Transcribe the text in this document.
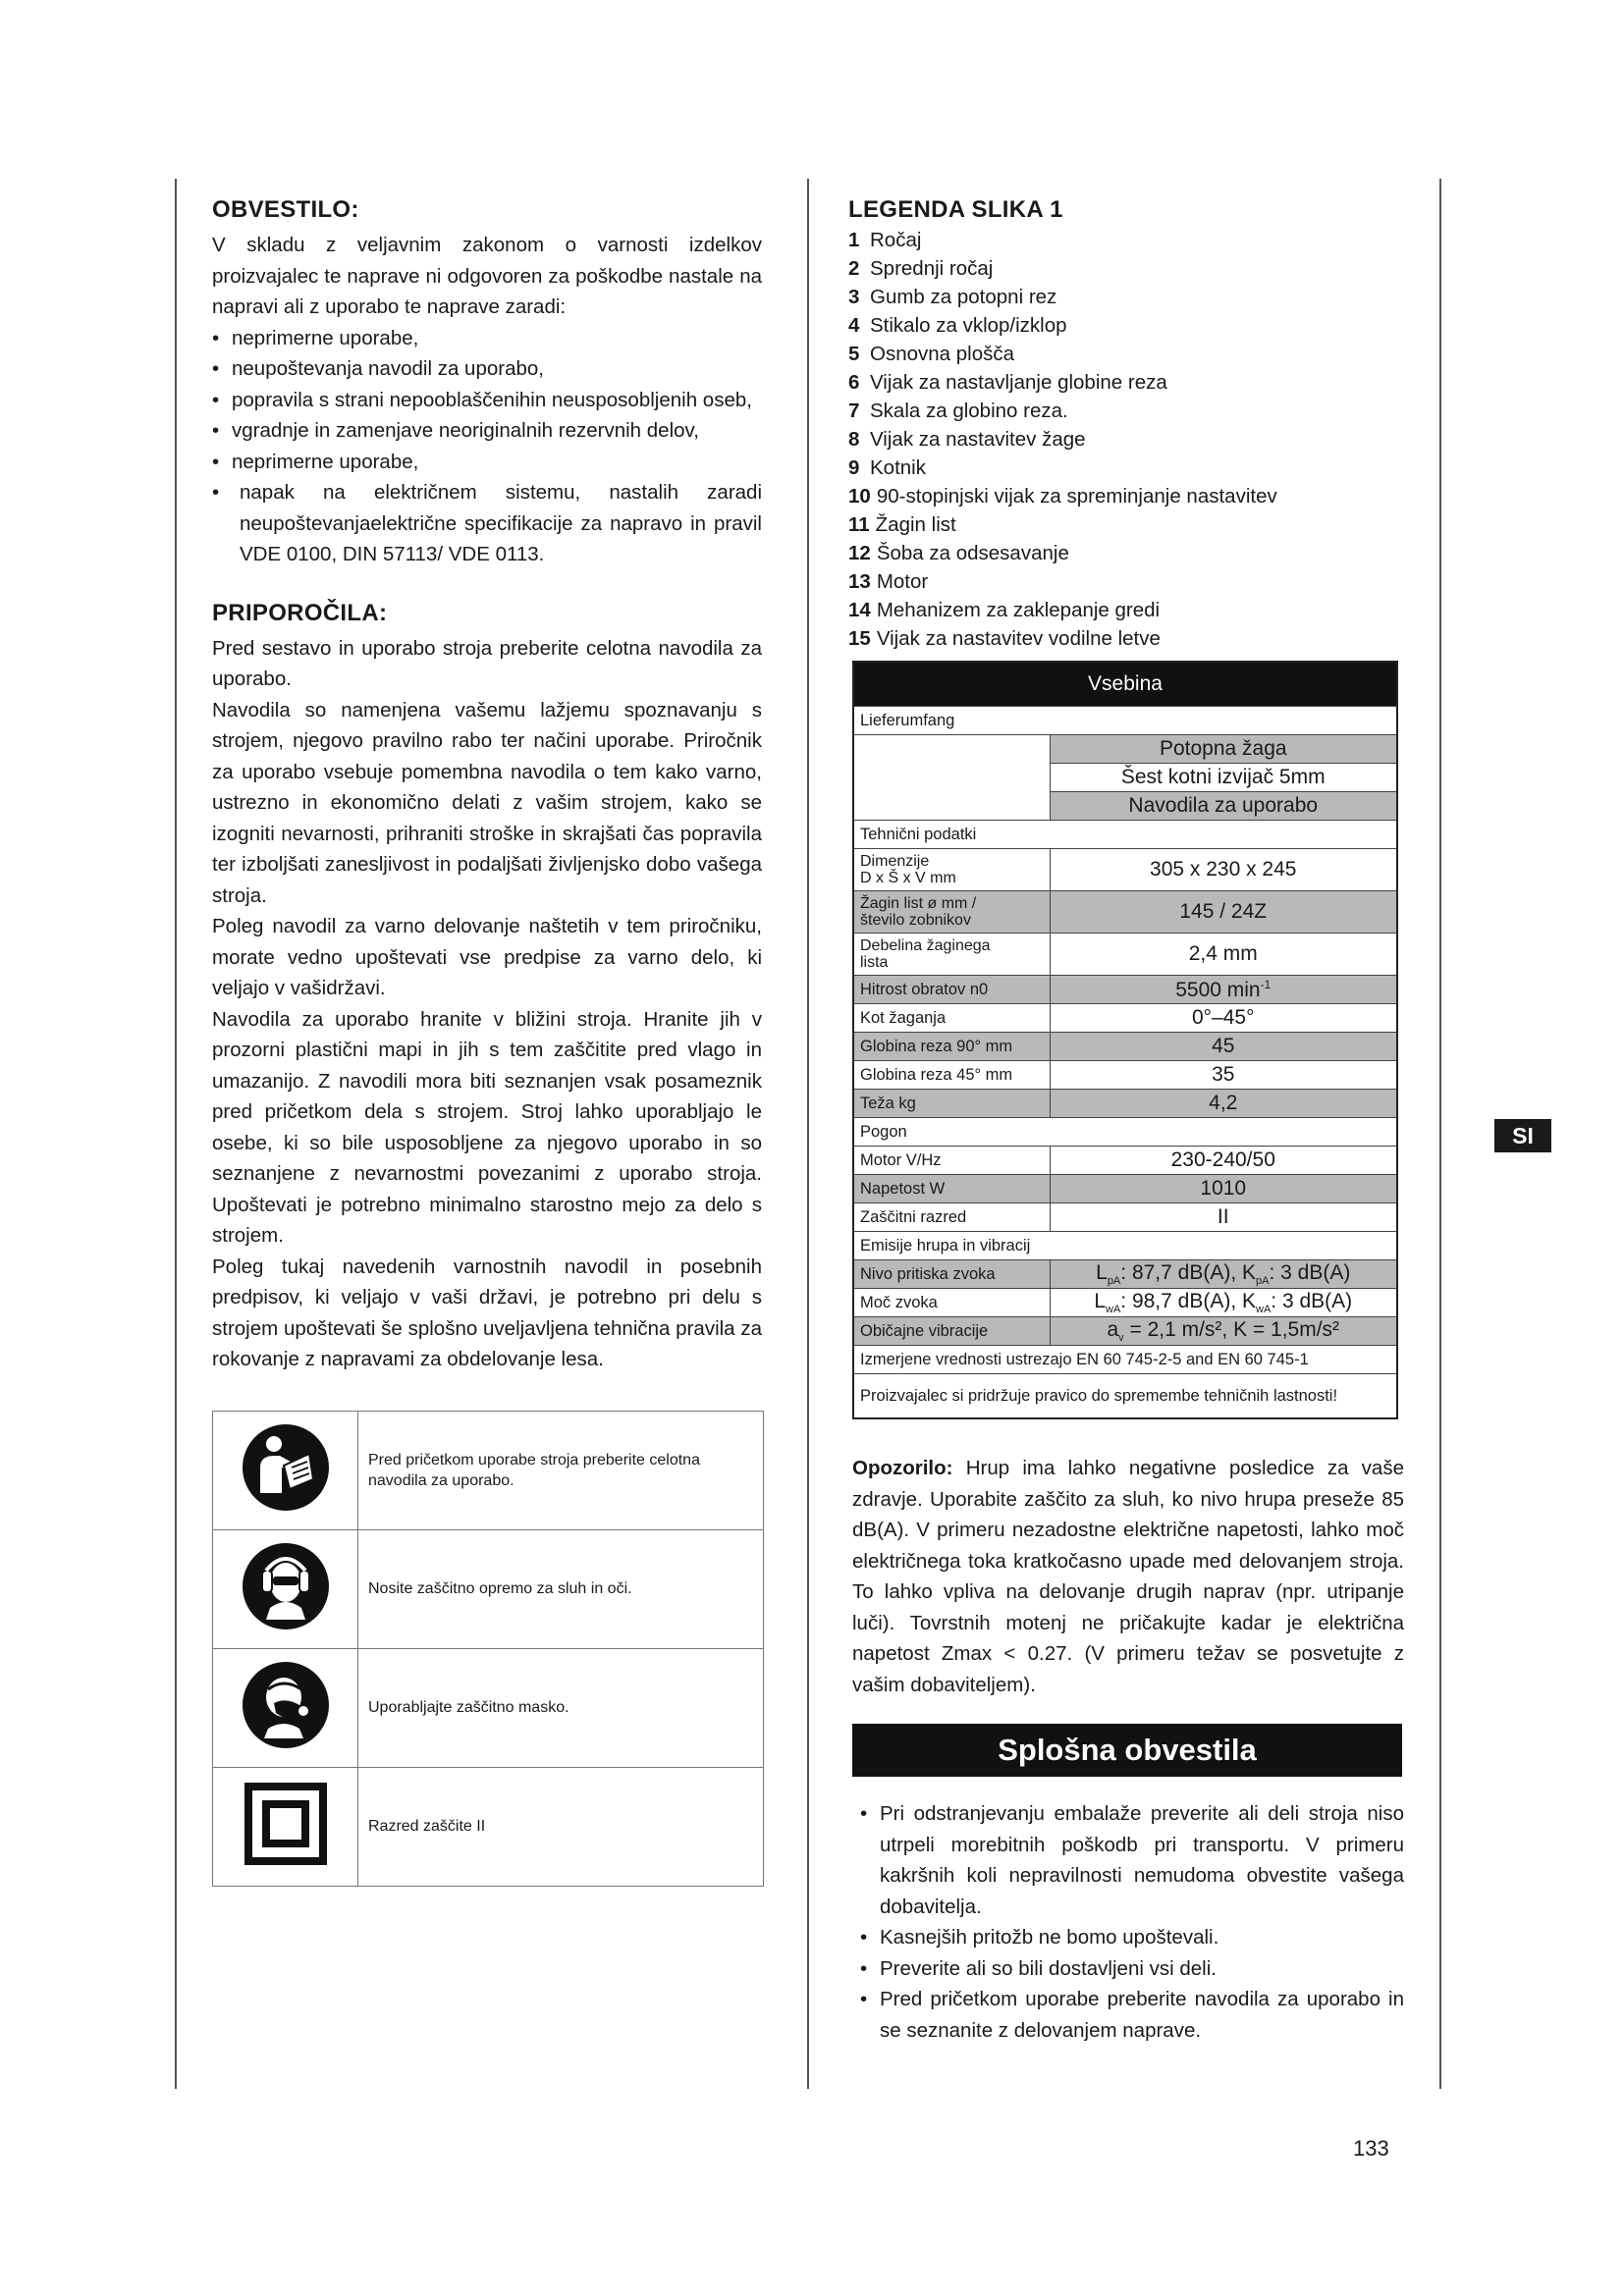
OBVESTILO:

V skladu z veljavnim zakonom o varnosti izdelkov proizvajalec te naprave ni odgovoren za poškodbe nastale na napravi ali z uporabo te naprave zaradi:

• neprimerne uporabe,
• neupoštevanja navodil za uporabo,
• popravila s strani nepooblaščenihin neusposobljenih oseb,
• vgradnje in zamenjave neoriginalnih rezervnih delov,
• neprimerne uporabe,
• napak na električnem sistemu, nastalih zaradi neupoštevanjaelektrične specifikacije za napravo in pravil VDE 0100, DIN 57113/ VDE 0113.
PRIPOROČILA:

Pred sestavo in uporabo stroja preberite celotna navodila za uporabo.

Navodila so namenjena vašemu lažjemu spoznavanju s strojem, njegovo pravilno rabo ter načini uporabe. Priročnik za uporabo vsebuje pomembna navodila o tem kako varno, ustrezno in ekonomično delati z vašim strojem, kako se izogniti nevarnosti, prihraniti stroške in skrajšati čas popravila ter izboljšati zanesljivost in podaljšati življenjsko dobo vašega stroja.

Poleg navodil za varno delovanje naštetih v tem priročniku, morate vedno upoštevati vse predpise za varno delo, ki veljajo v vašidržavi.

Navodila za uporabo hranite v bližini stroja. Hranite jih v prozorni plastični mapi in jih s tem zaščitite pred vlago in umazanijo. Z navodili mora biti seznanjen vsak posameznik pred pričetkom dela s strojem. Stroj lahko uporabljajo le osebe, ki so bile usposobljene za njegovo uporabo in so seznanjene z nevarnostmi povezanimi z uporabo stroja. Upoštevati je potrebno minimalno starostno mejo za delo s strojem.

Poleg tukaj navedenih varnostnih navodil in posebnih predpisov, ki veljajo v vaši državi, je potrebno pri delu s strojem upoštevati še splošno uveljavljena tehnična pravila za rokovanje z napravami za obdelovanje lesa.

	Pred pričetkom uporabe stroja preberite celotna navodila za uporabo.
	Nosite zaščitno opremo za sluh in oči.
	Uporabljajte zaščitno masko.
	Razred zaščite II
LEGENDA SLIKA 1
1 Ročaj
2 Sprednji ročaj
3 Gumb za potopni rez
4 Stikalo za vklop/izklop
5 Osnovna plošča
6 Vijak za nastavljanje globine reza
7 Skala za globino reza.
8 Vijak za nastavitev žage
9 Kotnik
10 90-stopinjski vijak za spreminjanje nastavitev
11 Žagin list
12 Šoba za odsesavanje
13 Motor
14 Mehanizem za zaklepanje gredi
15 Vijak za nastavitev vodilne letve
Vsebina	
Lieferumfang	
	Potopna žaga
	Šest kotni izvijač 5mm
	Navodila za uporabo
Tehnični podatki	
Dimenzije
D x Š x V mm	305 x 230 x 245
Žagin list ø mm /
število zobnikov	145 / 24Z
Debelina žaginega
lista	2,4 mm
Hitrost obratov n0	5500 $\min^{-1}$
Kot žaganja	0°–45°
Globina reza 90° mm	45
Globina reza 45° mm	35
Teža kg	4,2
Pogon	
Motor V/Hz	230-240/50
Napetost W	1010
Zaščitni razred	II
Emisije hrupa in vibracij	
Nivo pritiska zvoka	$L_{pA}$: 87,7 dB(A), $K_{pA}$: 3 dB(A)
Moč zvoka	$L_{wA}$: 98,7 dB(A), $K_{wA}$: 3 dB(A)
Običajne vibracije	$a_v = 2,1$ m/s², K = 1,5m/s²
Izmerjene vrednosti ustrezajo EN 60 745-2-5 and EN 60 745-1	
Proizvajalec si pridržuje pravico do spremembe tehničnih lastnosti!	

Opozorilo: Hrup ima lahko negativne posledice za vaše zdravje. Uporabite zaščito za sluh, ko nivo hrupa preseže 85 dB(A). V primeru nezadostne električne napetosti, lahko moč električnega toka kratkočasno upade med delovanjem stroja. To lahko vpliva na delovanje drugih naprav (npr. utripanje luči). Tovrstnih motenj ne pričakujte kadar je električna napetost Zmax < 0.27. (V primeru težav se posvetujte z vašim dobaviteljem).

Splošna obvestila
• Pri odstranjevanju embalaže preverite ali deli stroja niso utrpeli morebitnih poškodb pri transportu. V primeru kakršnih koli nepravilnosti nemudoma obvestite vašega dobavitelja.
• Kasnejših pritožb ne bomo upoštevali.
• Preverite ali so bili dostavljeni vsi deli.
• Pred pričetkom uporabe preberite navodila za uporabo in se seznanite z delovanjem naprave.
SI
133
